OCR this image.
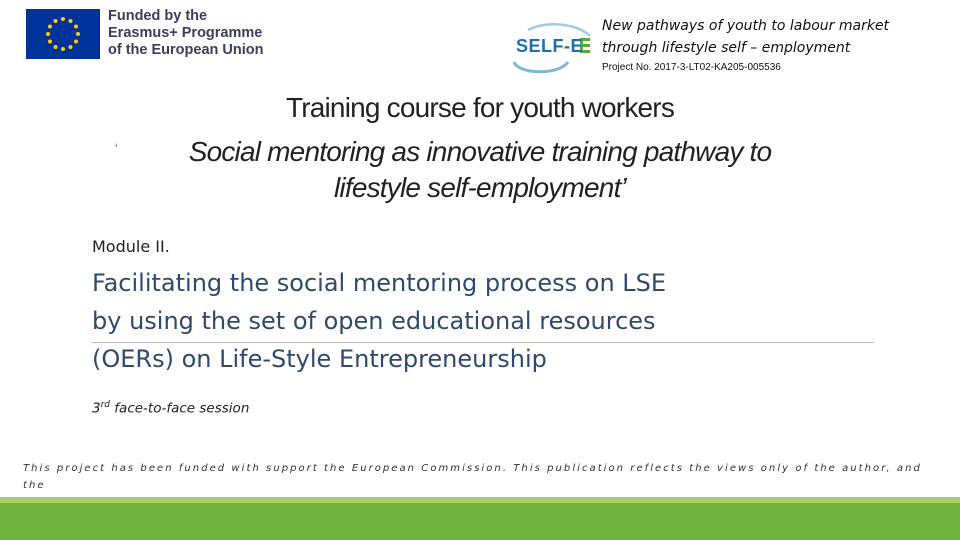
Funded by the
Erasmus+ Programme
of the European Union	SELF-E
New pathways of youth to labour market
through lifestyle self – employment
Project No. 2017-3-LT02-KA205-005536
Training course for youth workers
‘	Social mentoring as innovative training pathway to
lifestyle self-employment’
Module II.
Facilitating the social mentoring process on LSE
by using the set of open educational resources
(OERs) on Life-Style Entrepreneurship
3rd face-to-face session
This project has been funded with support the European Commission. This publication reflects the views only of the author, and the
